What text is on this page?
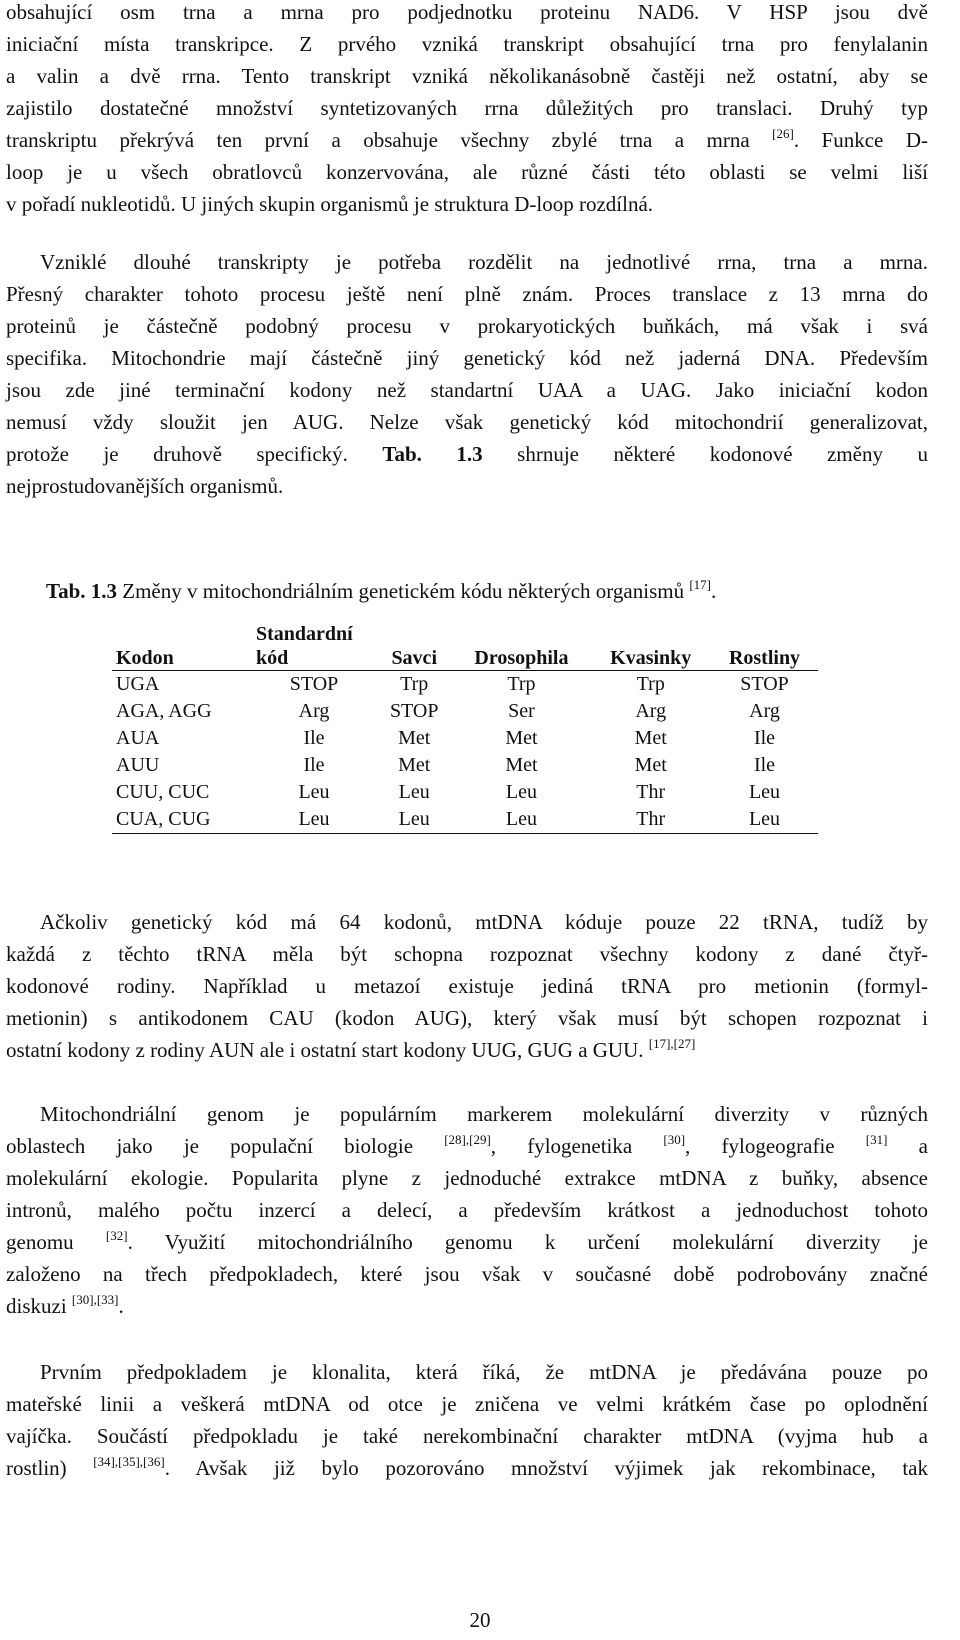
obsahující osm trna a mrna pro podjednotku proteinu NAD6. V HSP jsou dvě
iniciační místa transkripce. Z prvého vzniká transkript obsahující trna pro fenylalanin
a valin a dvě rrna. Tento transkript vzniká několikanásobně častěji než ostatní, aby se
zajistilo dostatečné množství syntetizovaných rrna důležitých pro translaci. Druhý typ
transkriptu překrývá ten první a obsahuje všechny zbylé trna a mrna [26]. Funkce D-
loop je u všech obratlovců konzervována, ale různé části této oblasti se velmi liší
v pořadí nukleotidů. U jiných skupin organismů je struktura D-loop rozdílná.
Vzniklé dlouhé transkripty je potřeba rozdělit na jednotlivé rrna, trna a mrna.
Přesný charakter tohoto procesu ještě není plně znám. Proces translace z 13 mrna do
proteinů je částečně podobný procesu v prokaryotických buňkách, má však i svá
specifika. Mitochondrie mají částečně jiný genetický kód než jaderná DNA. Především
jsou zde jiné terminační kodony než standartní UAA a UAG. Jako iniciační kodon
nemusí vždy sloužit jen AUG. Nelze však genetický kód mitochondrií generalizovat,
protože je druhově specifický. Tab. 1.3 shrnuje některé kodonové změny u
nejprostudovanějších organismů.
Tab. 1.3 Změny v mitochondriálním genetickém kódu některých organismů [17].
Kodon	Standardní kód	Savci	Drosophila	Kvasinky	Rostliny
UGA	STOP	Trp	Trp	Trp	STOP
AGA, AGG	Arg	STOP	Ser	Arg	Arg
AUA	Ile	Met	Met	Met	Ile
AUU	Ile	Met	Met	Met	Ile
CUU, CUC	Leu	Leu	Leu	Thr	Leu
CUA, CUG	Leu	Leu	Leu	Thr	Leu
Ačkoliv genetický kód má 64 kodonů, mtDNA kóduje pouze 22 tRNA, tudíž by
každá z těchto tRNA měla být schopna rozpoznat všechny kodony z dané čtyř-
kodonové rodiny. Například u metazoí existuje jediná tRNA pro metionin (formyl-
metionin) s antikodonem CAU (kodon AUG), který však musí být schopen rozpoznat i
ostatní kodony z rodiny AUN ale i ostatní start kodony UUG, GUG a GUU. [17],[27]
Mitochondriální genom je populárním markerem molekulární diverzity v různých
oblastech jako je populační biologie [28],[29], fylogenetika [30], fylogeografie [31] a
molekulární ekologie. Popularita plyne z jednoduché extrakce mtDNA z buňky, absence
intronů, malého počtu inzercí a delecí, a především krátkost a jednoduchost tohoto
genomu [32]. Využití mitochondriálního genomu k určení molekulární diverzity je
založeno na třech předpokladech, které jsou však v současné době podrobovány značné
diskuzi [30],[33].
Prvním předpokladem je klonalita, která říká, že mtDNA je předávána pouze po
mateřské linii a veškerá mtDNA od otce je zničena ve velmi krátkém čase po oplodnění
vajíčka. Součástí předpokladu je také nerekombinační charakter mtDNA (vyjma hub a
rostlin) [34],[35],[36]. Avšak již bylo pozorováno množství výjimek jak rekombinace, tak
20
